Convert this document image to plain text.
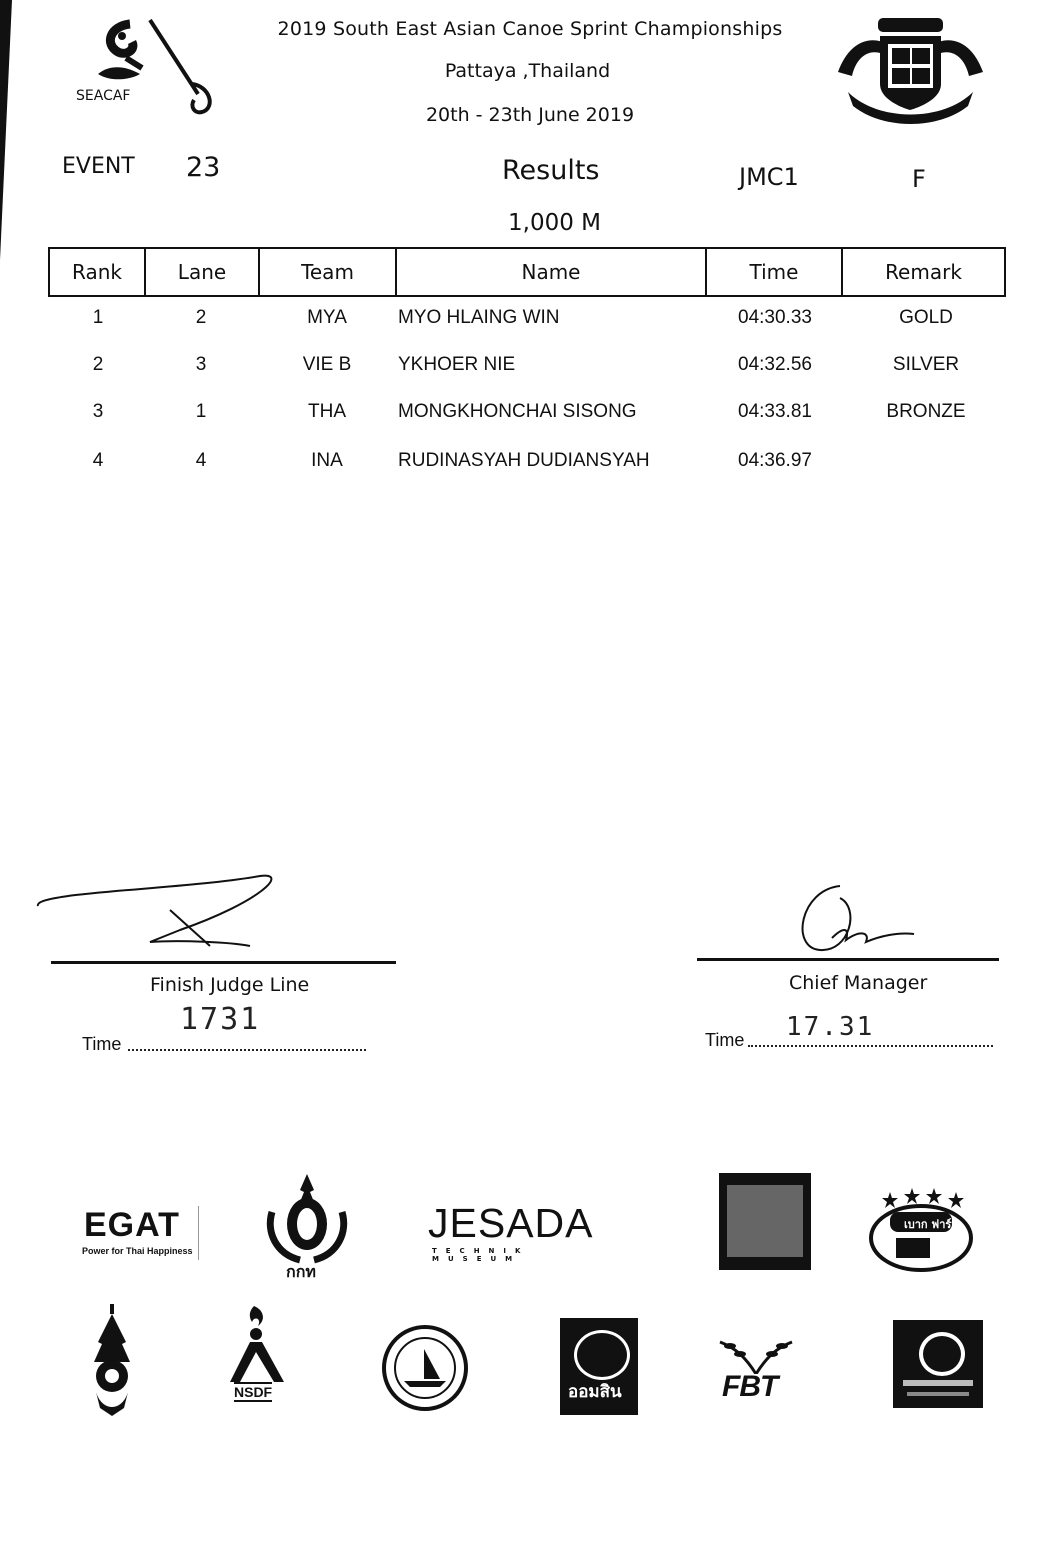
SEACAF
2019 South East Asian Canoe Sprint Championships
Pattaya ,Thailand
20th - 23th June 2019
EVENT 23	Results	JMC1	F
1,000 M
Rank	Lane	Team	Name	Time	Remark
1	2	MYA	MYO HLAING WIN	04:30.33	GOLD
2	3	VIE B	YKHOER NIE	04:32.56	SILVER
3	1	THA	MONGKHONCHAI SISONG	04:33.81	BRONZE
4	4	INA	RUDINASYAH DUDIANSYAH	04:36.97
Finish Judge Line
Time
1731
Chief Manager
Time 17.31
EGAT
Power for Thai Happiness
กกท
JESADA
TECHNIK MUSEUM
เบาก ฟาร์ม
NSDF	ออมสิน	FBT
